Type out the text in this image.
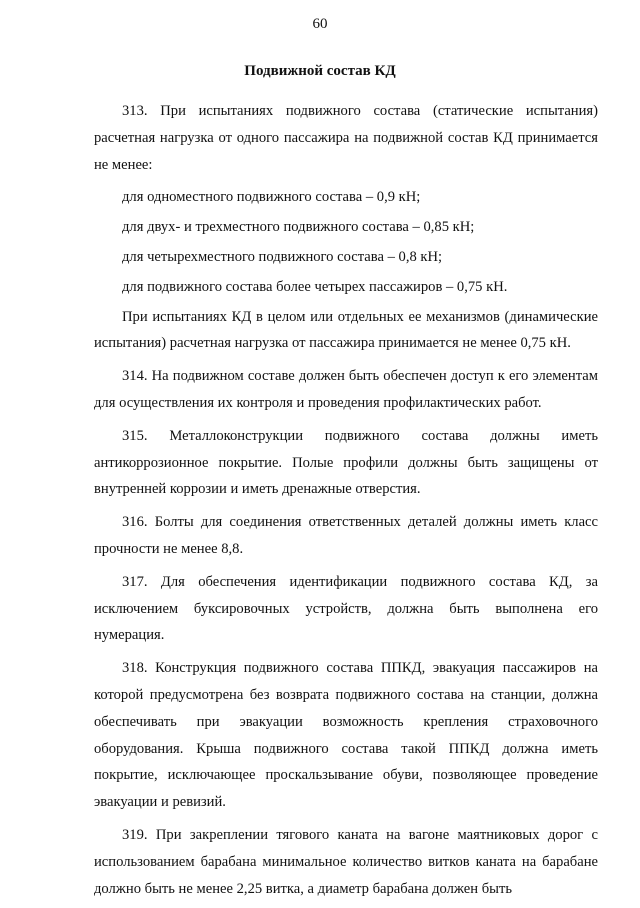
60
Подвижной состав КД

313. При испытаниях подвижного состава (статические испытания) расчетная нагрузка от одного пассажира на подвижной состав КД принимается не менее:

для одноместного подвижного состава – 0,9 кН;

для двух- и трехместного подвижного состава – 0,85 кН;

для четырехместного подвижного состава – 0,8 кН;

для подвижного состава более четырех пассажиров – 0,75 кН.

При испытаниях КД в целом или отдельных ее механизмов (динамические испытания) расчетная нагрузка от пассажира принимается не менее 0,75 кН.

314. На подвижном составе должен быть обеспечен доступ к его элементам для осуществления их контроля и проведения профилактических работ.

315. Металлоконструкции подвижного состава должны иметь антикоррозионное покрытие. Полые профили должны быть защищены от внутренней коррозии и иметь дренажные отверстия.

316. Болты для соединения ответственных деталей должны иметь класс прочности не менее 8,8.

317. Для обеспечения идентификации подвижного состава КД, за исключением буксировочных устройств, должна быть выполнена его нумерация.

318. Конструкция подвижного состава ППКД, эвакуация пассажиров на которой предусмотрена без возврата подвижного состава на станции, должна обеспечивать при эвакуации возможность крепления страховочного оборудования. Крыша подвижного состава такой ППКД должна иметь покрытие, исключающее проскальзывание обуви, позволяющее проведение эвакуации и ревизий.

319. При закреплении тягового каната на вагоне маятниковых дорог с использованием барабана минимальное количество витков каната на барабане должно быть не менее 2,25 витка, а диаметр барабана должен быть
